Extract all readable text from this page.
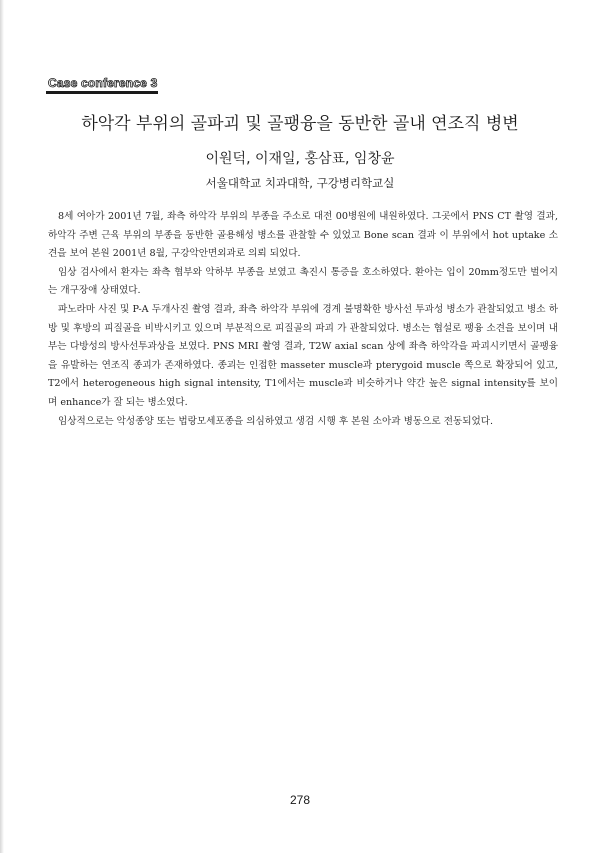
Case conference 3
하악각 부위의 골파괴 및 골팽융을 동반한 골내 연조직 병변
이원덕, 이재일, 홍삼표, 임창윤
서울대학교 치과대학, 구강병리학교실

8세 여아가 2001년 7월, 좌측 하악각 부위의 부종을 주소로 대전 00병원에 내원하였다. 그곳에서 PNS CT 촬영 결과, 하악각 주변 근육 부위의 부종을 동반한 골용해성 병소를 관찰할 수 있었고 Bone scan 결과 이 부위에서 hot uptake 소견을 보여 본원 2001년 8월, 구강악안면외과로 의뢰 되었다.

임상 검사에서 환자는 좌측 협부와 악하부 부종을 보였고 촉진시 통증을 호소하였다. 환아는 입이 20mm정도만 벌어지는 개구장애 상태였다.

파노라마 사진 및 P-A 두개사진 촬영 결과, 좌측 하악각 부위에 경계 불명확한 방사선 투과성 병소가 관찰되었고 병소 하방 및 후방의 피질골을 비박시키고 있으며 부분적으로 피질골의 파괴 가 관찰되었다. 병소는 협설로 팽융 소견을 보이며 내부는 다방성의 방사선투과상을 보였다. PNS MRI 촬영 결과, T2W axial scan 상에 좌측 하악각을 파괴시키면서 골팽융을 유발하는 연조직 종괴가 존재하였다. 종괴는 인접한 masseter muscle과 pterygoid muscle 쪽으로 확장되어 있고, T2에서 heterogeneous high signal intensity, T1에서는 muscle과 비슷하거나 약간 높은 signal intensity를 보이며 enhance가 잘 되는 병소였다.

임상적으로는 악성종양 또는 법랑모세포종을 의심하였고 생검 시행 후 본원 소아과 병동으로 전동되었다.

278
